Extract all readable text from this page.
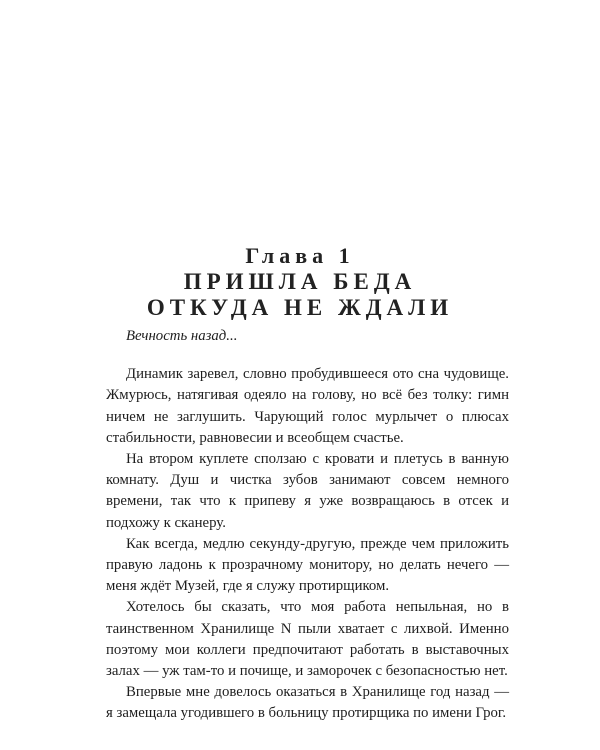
Глава 1

ПРИШЛА БЕДА

ОТКУДА НЕ ЖДАЛИ

Вечность назад...

Динамик заревел, словно пробудившееся ото сна чудовище. Жмурюсь, натягивая одеяло на голову, но всё без толку: гимн ничем не заглушить. Чарующий голос мурлычет о плюсах стабильности, равновесии и всеобщем счастье.

На втором куплете сползаю с кровати и плетусь в ванную комнату. Душ и чистка зубов занимают совсем немного времени, так что к припеву я уже возвращаюсь в отсек и подхожу к сканеру.

Как всегда, медлю секунду-другую, прежде чем приложить правую ладонь к прозрачному монитору, но делать нечего — меня ждёт Музей, где я служу протирщиком.

Хотелось бы сказать, что моя работа непыльная, но в таинственном Хранилище N пыли хватает с лихвой. Именно поэтому мои коллеги предпочитают работать в выставочных залах — уж там-то и почище, и заморочек с безопасностью нет.

Впервые мне довелось оказаться в Хранилище год назад — я замещала угодившего в больницу протирщика по имени Грог.
